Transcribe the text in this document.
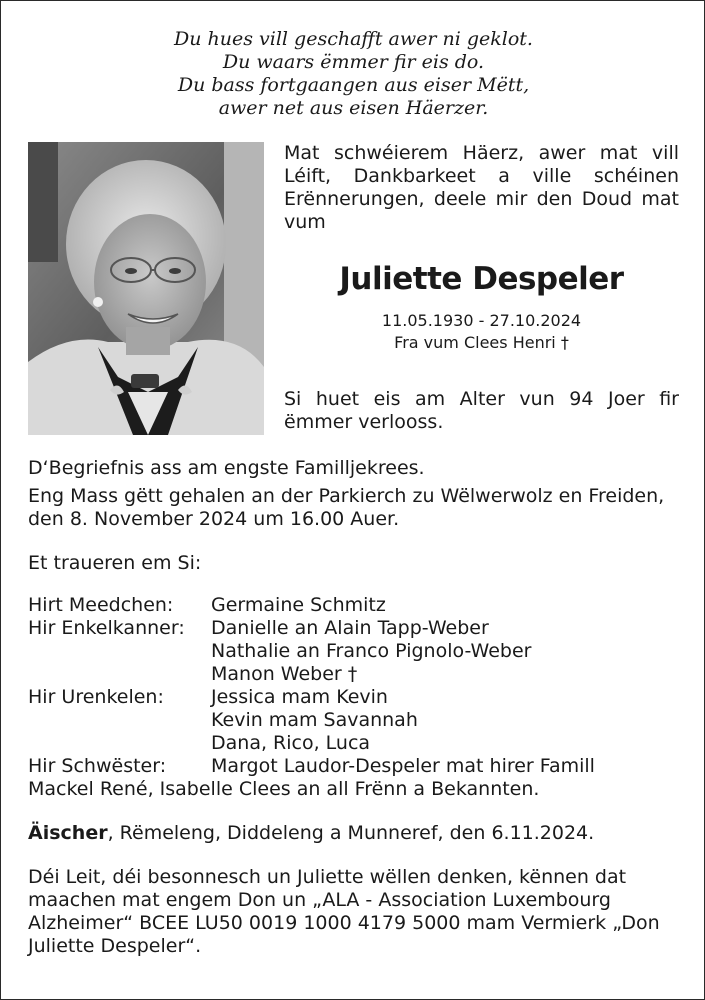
Du hues vill geschafft awer ni geklot.
Du waars ëmmer fir eis do.
Du bass fortgaangen aus eiser Mëtt,
awer net aus eisen Häerzer.
Mat schwéierem Häerz, awer mat vill Léift, Dankbarkeet a ville schéinen Erënnerungen, deele mir den Doud mat vum
Juliette Despeler
11.05.1930 - 27.10.2024
Fra vum Clees Henri †
Si huet eis am Alter vun 94 Joer fir ëmmer verlooss.

D‘Begriefnis ass am engste Familljekrees.

Eng Mass gëtt gehalen an der Parkierch zu Wëlwerwolz en Freiden, den 8. November 2024 um 16.00 Auer.

Et traueren em Si:

Hirt Meedchen:	Germaine Schmitz

Hir Enkelkanner:	Danielle an Alain Tapp-Weber
Nathalie an Franco Pignolo-Weber
Manon Weber †

Hir Urenkelen:	Jessica mam Kevin
Kevin mam Savannah
Dana, Rico, Luca

Hir Schwëster:	Margot Laudor-Despeler mat hirer Famill

Mackel René, Isabelle Clees an all Frënn a Bekannten.

Äischer, Rëmeleng, Diddeleng a Munneref, den 6.11.2024.

Déi Leit, déi besonnesch un Juliette wëllen denken, kënnen dat maachen mat engem Don un „ALA - Association Luxembourg Alzheimer“ BCEE LU50 0019 1000 4179 5000 mam Vermierk „Don Juliette Despeler“.
